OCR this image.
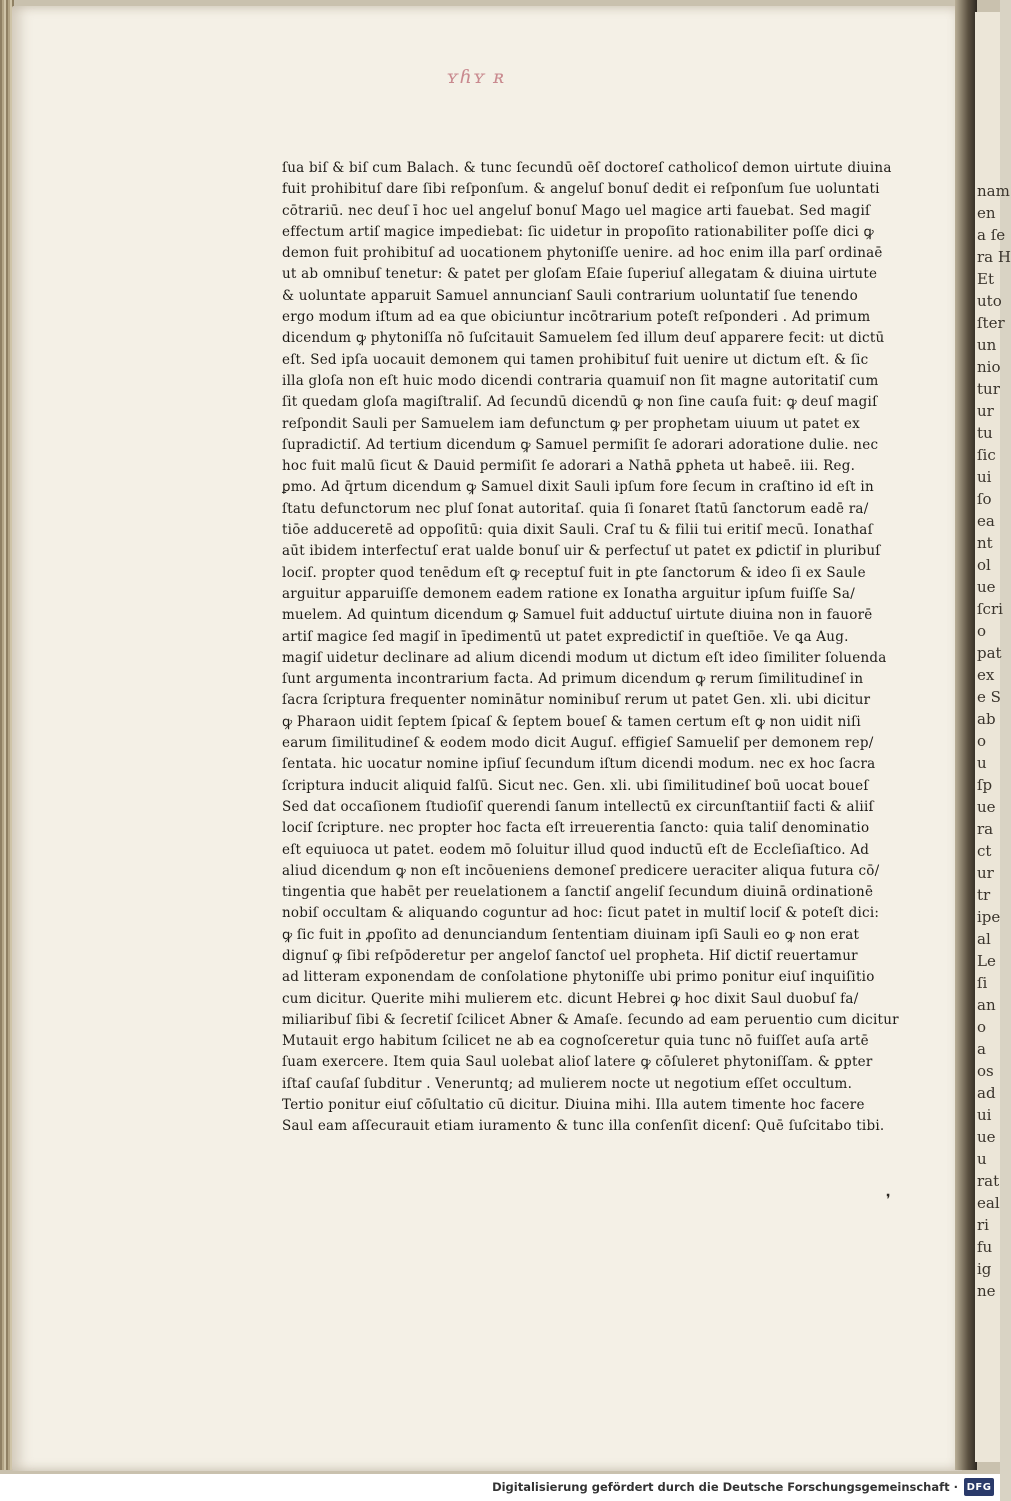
ʏɦʏ ʀ
ſua biſ & biſ cum Balach. & tunc ſecundū oēſ doctoreſ catholicoſ demon uirtute diuina
fuit prohibituſ dare ſibi reſponſum. & angeluſ bonuſ dedit ei reſponſum ſue uoluntati
cōtrariū. nec deuſ ī hoc uel angeluſ bonuſ Mago uel magice arti fauebat. Sed magiſ
effectum artiſ magice impediebat: ſic uidetur in propoſito rationabiliter poſſe dici ꝙ
demon fuit prohibituſ ad uocationem phytoniſſe uenire. ad hoc enim illa parſ ordinaē
ut ab omnibuſ tenetur: & patet per gloſam Eſaie ſuperiuſ allegatam & diuina uirtute
& uoluntate apparuit Samuel annuncianſ Sauli contrarium uoluntatiſ ſue tenendo
ergo modum iſtum ad ea que obiciuntur incōtrarium poteſt reſponderi . Ad primum
dicendum ꝙ phytoniſſa nō ſuſcitauit Samuelem ſed illum deuſ apparere fecit: ut dictū
eſt. Sed ipſa uocauit demonem qui tamen prohibituſ fuit uenire ut dictum eſt. & ſic
illa gloſa non eſt huic modo dicendi contraria quamuiſ non ſit magne autoritatiſ cum
ſit quedam gloſa magiſtraliſ. Ad ſecundū dicendū ꝙ non ſine cauſa fuit: ꝙ deuſ magiſ
reſpondit Sauli per Samuelem iam defunctum ꝙ per prophetam uiuum ut patet ex
ſupradictiſ. Ad tertium dicendum ꝙ Samuel permiſit ſe adorari adoratione dulie. nec
hoc fuit malū ſicut & Dauid permiſit ſe adorari a Nathā ꝑpheta ut habeē. iii. Reg.
ꝑmo. Ad q̄rtum dicendum ꝙ Samuel dixit Sauli ipſum fore ſecum in craſtino id eſt in
ſtatu defunctorum nec pluſ ſonat autoritaſ. quia ſi ſonaret ſtatū ſanctorum eadē ra/
tiōe adduceretē ad oppoſitū: quia dixit Sauli. Craſ tu & filii tui eritiſ mecū. Ionathaſ
aūt ibidem interfectuſ erat ualde bonuſ uir & perfectuſ ut patet ex ꝑdictiſ in pluribuſ
lociſ. propter quod tenēdum eſt ꝙ receptuſ fuit in ꝑte ſanctorum & ideo ſi ex Saule
arguitur apparuiſſe demonem eadem ratione ex Ionatha arguitur ipſum fuiſſe Sa/
muelem. Ad quintum dicendum ꝙ Samuel fuit adductuſ uirtute diuina non in fauorē
artiſ magice ſed magiſ in īpedimentū ut patet expredictiſ in queſtiōe. Ve ꝗa Aug.
magiſ uidetur declinare ad alium dicendi modum ut dictum eſt ideo ſimiliter ſoluenda
ſunt argumenta incontrarium facta. Ad primum dicendum ꝙ rerum ſimilitudineſ in
ſacra ſcriptura frequenter nominātur nominibuſ rerum ut patet Gen. xli. ubi dicitur
ꝙ Pharaon uidit ſeptem ſpicaſ & ſeptem boueſ & tamen certum eſt ꝙ non uidit niſi
earum ſimilitudineſ & eodem modo dicit Auguſ. effigieſ Samueliſ per demonem rep/
ſentata. hic uocatur nomine ipſiuſ ſecundum iſtum dicendi modum. nec ex hoc ſacra
ſcriptura inducit aliquid falſū. Sicut nec. Gen. xli. ubi ſimilitudineſ boū uocat boueſ
Sed dat occaſionem ſtudioſiſ querendi ſanum intellectū ex circunſtantiiſ facti & aliiſ
lociſ ſcripture. nec propter hoc facta eſt irreuerentia ſancto: quia taliſ denominatio
eſt equiuoca ut patet. eodem mō ſoluitur illud quod inductū eſt de Eccleſiaſtico. Ad
aliud dicendum ꝙ non eſt incōueniens demoneſ predicere ueraciter aliqua futura cō/
tingentia que habēt per reuelationem a ſanctiſ angeliſ ſecundum diuinā ordinationē
nobiſ occultam & aliquando coguntur ad hoc: ſicut patet in multiſ lociſ & poteſt dici:
ꝙ ſic fuit in ꝓpoſito ad denunciandum ſententiam diuinam ipſi Sauli eo ꝙ non erat
dignuſ ꝙ ſibi reſpōderetur per angeloſ ſanctoſ uel propheta. Hiſ dictiſ reuertamur
ad litteram exponendam de conſolatione phytoniſſe ubi primo ponitur eiuſ inquiſitio
cum dicitur. Querite mihi mulierem etc. dicunt Hebrei ꝙ hoc dixit Saul duobuſ fa/
miliaribuſ ſibi & ſecretiſ ſcilicet Abner & Amaſe. ſecundo ad eam peruentio cum dicitur
Mutauit ergo habitum ſcilicet ne ab ea cognoſceretur quia tunc nō fuiſſet auſa artē
ſuam exercere. Item quia Saul uolebat alioſ latere ꝙ cōſuleret phytoniſſam. & ꝑpter
iſtaſ cauſaſ ſubditur . Veneruntq; ad mulierem nocte ut negotium eſſet occultum.
Tertio ponitur eiuſ cōſultatio cū dicitur. Diuina mihi. Illa autem timente hoc facere
Saul eam aſſecurauit etiam iuramento & tunc illa conſenſit dicenſ: Quē ſuſcitabo tibi.
❜
nam
en
a ſe
ra H
Et
uto
ſter
un
nio
tur
ur
tu
ſic
ui
ſo
ea
nt
ol
ue
ſcri
o
pat
ex
e S
ab
o
u
ſp
ue
ra
ct
ur
tr
ipe
al
Le
ſi
an
o
a
os
ad
ui
ue
u
rat
eal
ri
fu
ig
ne
Digitalisierung gefördert durch die Deutsche Forschungsgemeinschaft · DFG
